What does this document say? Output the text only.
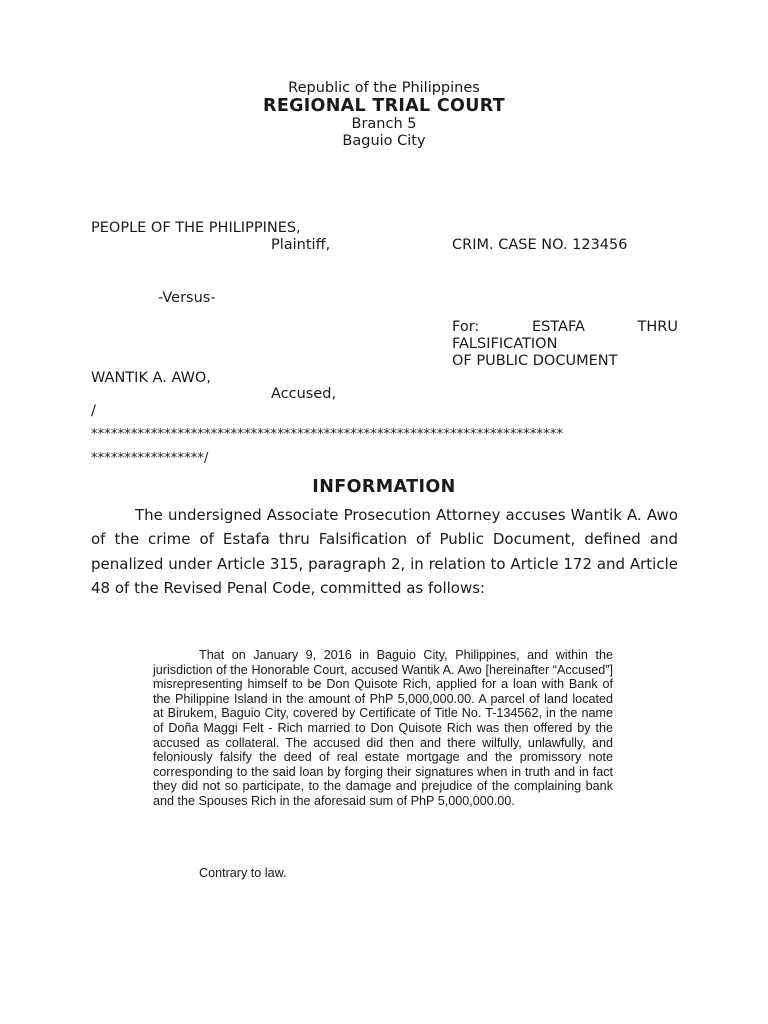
Republic of the Philippines
REGIONAL TRIAL COURT
Branch 5
Baguio City
PEOPLE OF THE PHILIPPINES,
Plaintiff,	CRIM. CASE NO. 123456
-Versus-
For:	ESTAFA	THRU
FALSIFICATION
OF PUBLIC DOCUMENT
WANTIK A. AWO,
Accused,
/
***********************************************************************
*****************/
INFORMATION

The undersigned Associate Prosecution Attorney accuses Wantik A. Awo of the crime of Estafa thru Falsification of Public Document, defined and penalized under Article 315, paragraph 2, in relation to Article 172 and Article 48 of the Revised Penal Code, committed as follows:

That on January 9, 2016 in Baguio City, Philippines, and within the jurisdiction of the Honorable Court, accused Wantik A. Awo [hereinafter “Accused”] misrepresenting himself to be Don Quisote Rich, applied for a loan with Bank of the Philippine Island in the amount of PhP 5,000,000.00. A parcel of land located at Birukem, Baguio City, covered by Certificate of Title No. T-134562, in the name of Doña Maggi Felt - Rich married to Don Quisote Rich was then offered by the accused as collateral. The accused did then and there wilfully, unlawfully, and feloniously falsify the deed of real estate mortgage and the promissory note corresponding to the said loan by forging their signatures when in truth and in fact they did not so participate, to the damage and prejudice of the complaining bank and the Spouses Rich in the aforesaid sum of PhP 5,000,000.00.

Contrary to law.
